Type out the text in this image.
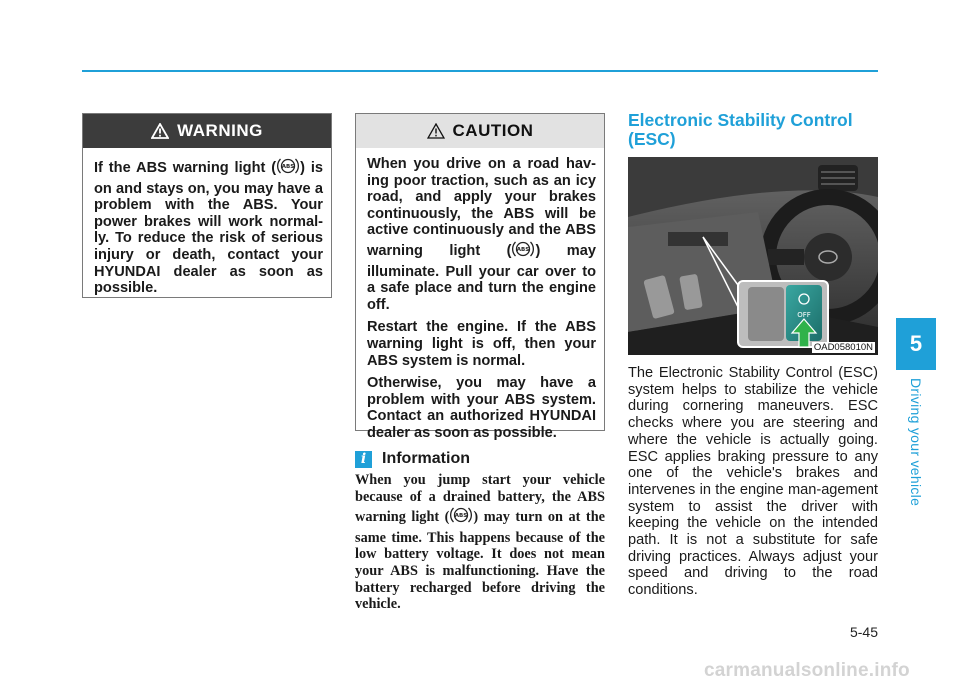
5
Driving your vehicle
WARNING
If the ABS warning light ( ABS ) is on and stays on, you may have a problem with the ABS. Your power brakes will work normal-ly. To reduce the risk of serious injury or death, contact your HYUNDAI dealer as soon as possible.
CAUTION

When you drive on a road hav-ing poor traction, such as an icy road, and apply your brakes continuously, the ABS will be active continuously and the ABS warning light ( ABS ) may illuminate. Pull your car over to a safe place and turn the engine off.

Restart the engine. If the ABS warning light is off, then your ABS system is normal.

Otherwise, you may have a problem with your ABS system. Contact an authorized HYUNDAI dealer as soon as possible.

i Information
When you jump start your vehicle because of a drained battery, the ABS warning light ( ABS ) may turn on at the same time. This happens because of the low battery voltage. It does not mean your ABS is malfunctioning. Have the battery recharged before driving the vehicle.
Electronic Stability Control (ESC)
OFF
OAD058010N
The Electronic Stability Control (ESC) system helps to stabilize the vehicle during cornering maneuvers. ESC checks where you are steering and where the vehicle is actually going. ESC applies braking pressure to any one of the vehicle's brakes and intervenes in the engine man-agement system to assist the driver with keeping the vehicle on the intended path. It is not a substitute for safe driving practices. Always adjust your speed and driving to the road conditions.
5-45
carmanualsonline.info
